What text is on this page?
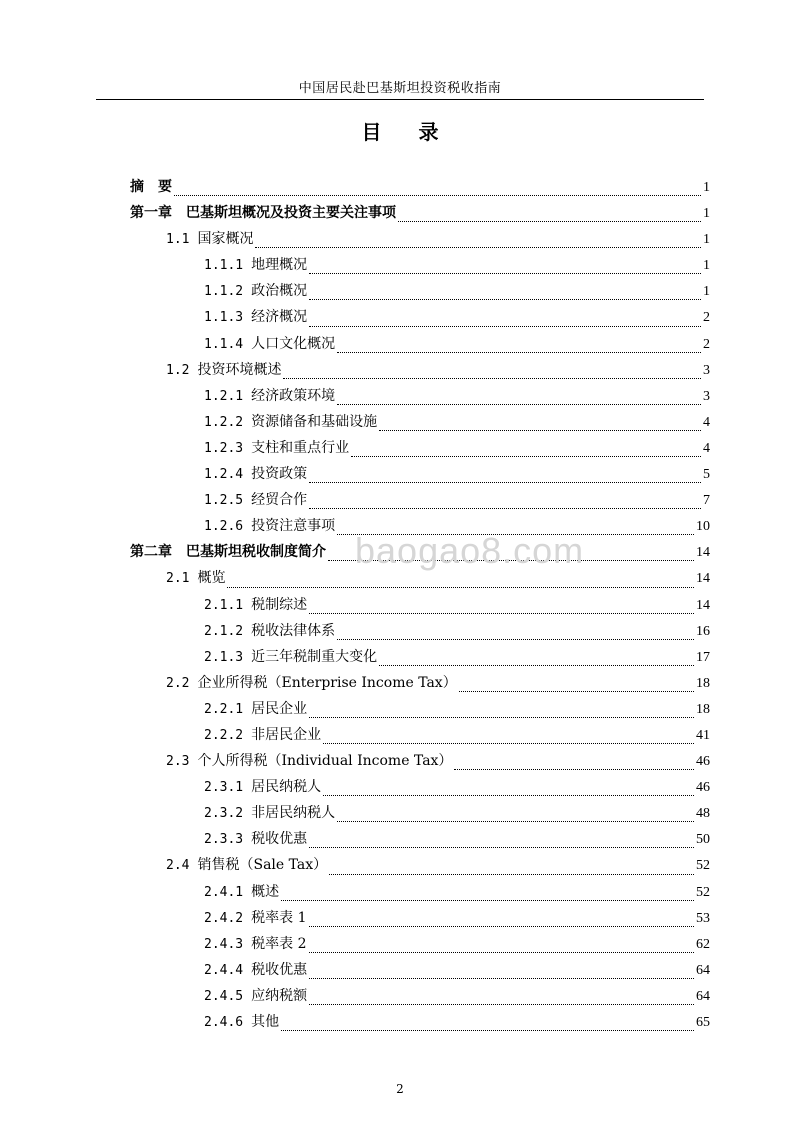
中国居民赴巴基斯坦投资税收指南
目 录
摘 要	1
第一章 巴基斯坦概况及投资主要关注事项	1
1.1 国家概况	1
1.1.1 地理概况	1
1.1.2 政治概况	1
1.1.3 经济概况	2
1.1.4 人口文化概况	2
1.2 投资环境概述	3
1.2.1 经济政策环境	3
1.2.2 资源储备和基础设施	4
1.2.3 支柱和重点行业	4
1.2.4 投资政策	5
1.2.5 经贸合作	7
1.2.6 投资注意事项	10
第二章 巴基斯坦税收制度简介	14
2.1 概览	14
2.1.1 税制综述	14
2.1.2 税收法律体系	16
2.1.3 近三年税制重大变化	17
2.2 企业所得税（Enterprise Income Tax）	18
2.2.1 居民企业	18
2.2.2 非居民企业	41
2.3 个人所得税（Individual Income Tax）	46
2.3.1 居民纳税人	46
2.3.2 非居民纳税人	48
2.3.3 税收优惠	50
2.4 销售税（Sale Tax）	52
2.4.1 概述	52
2.4.2 税率表 1	53
2.4.3 税率表 2	62
2.4.4 税收优惠	64
2.4.5 应纳税额	64
2.4.6 其他	65
baogao8.com
2
